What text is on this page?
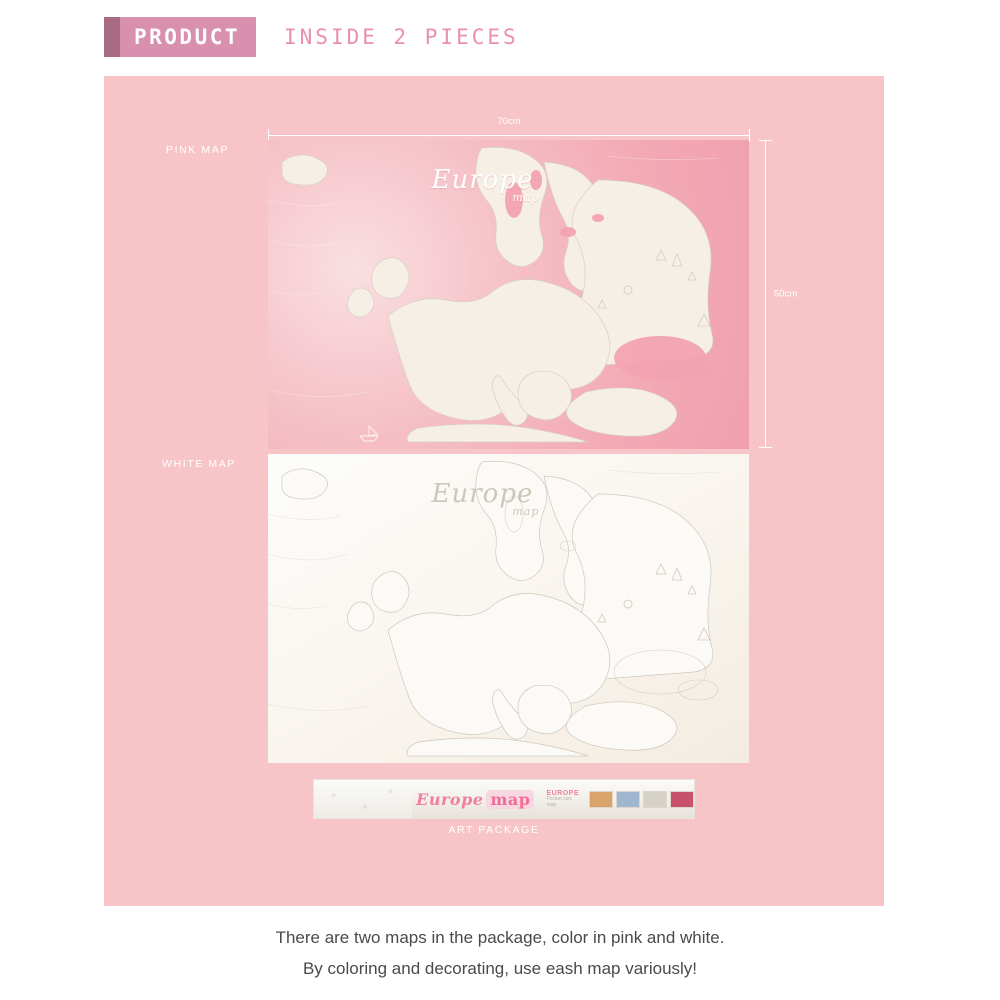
PRODUCT INSIDE 2 PIECES
PINK MAP
WHITE MAP
70cm
50cm
Europe
map
Europe
map
Europe map	EUROPE
Pocket size map
ART PACKAGE
There are two maps in the package, color in pink and white.
By coloring and decorating, use eash map variously!
